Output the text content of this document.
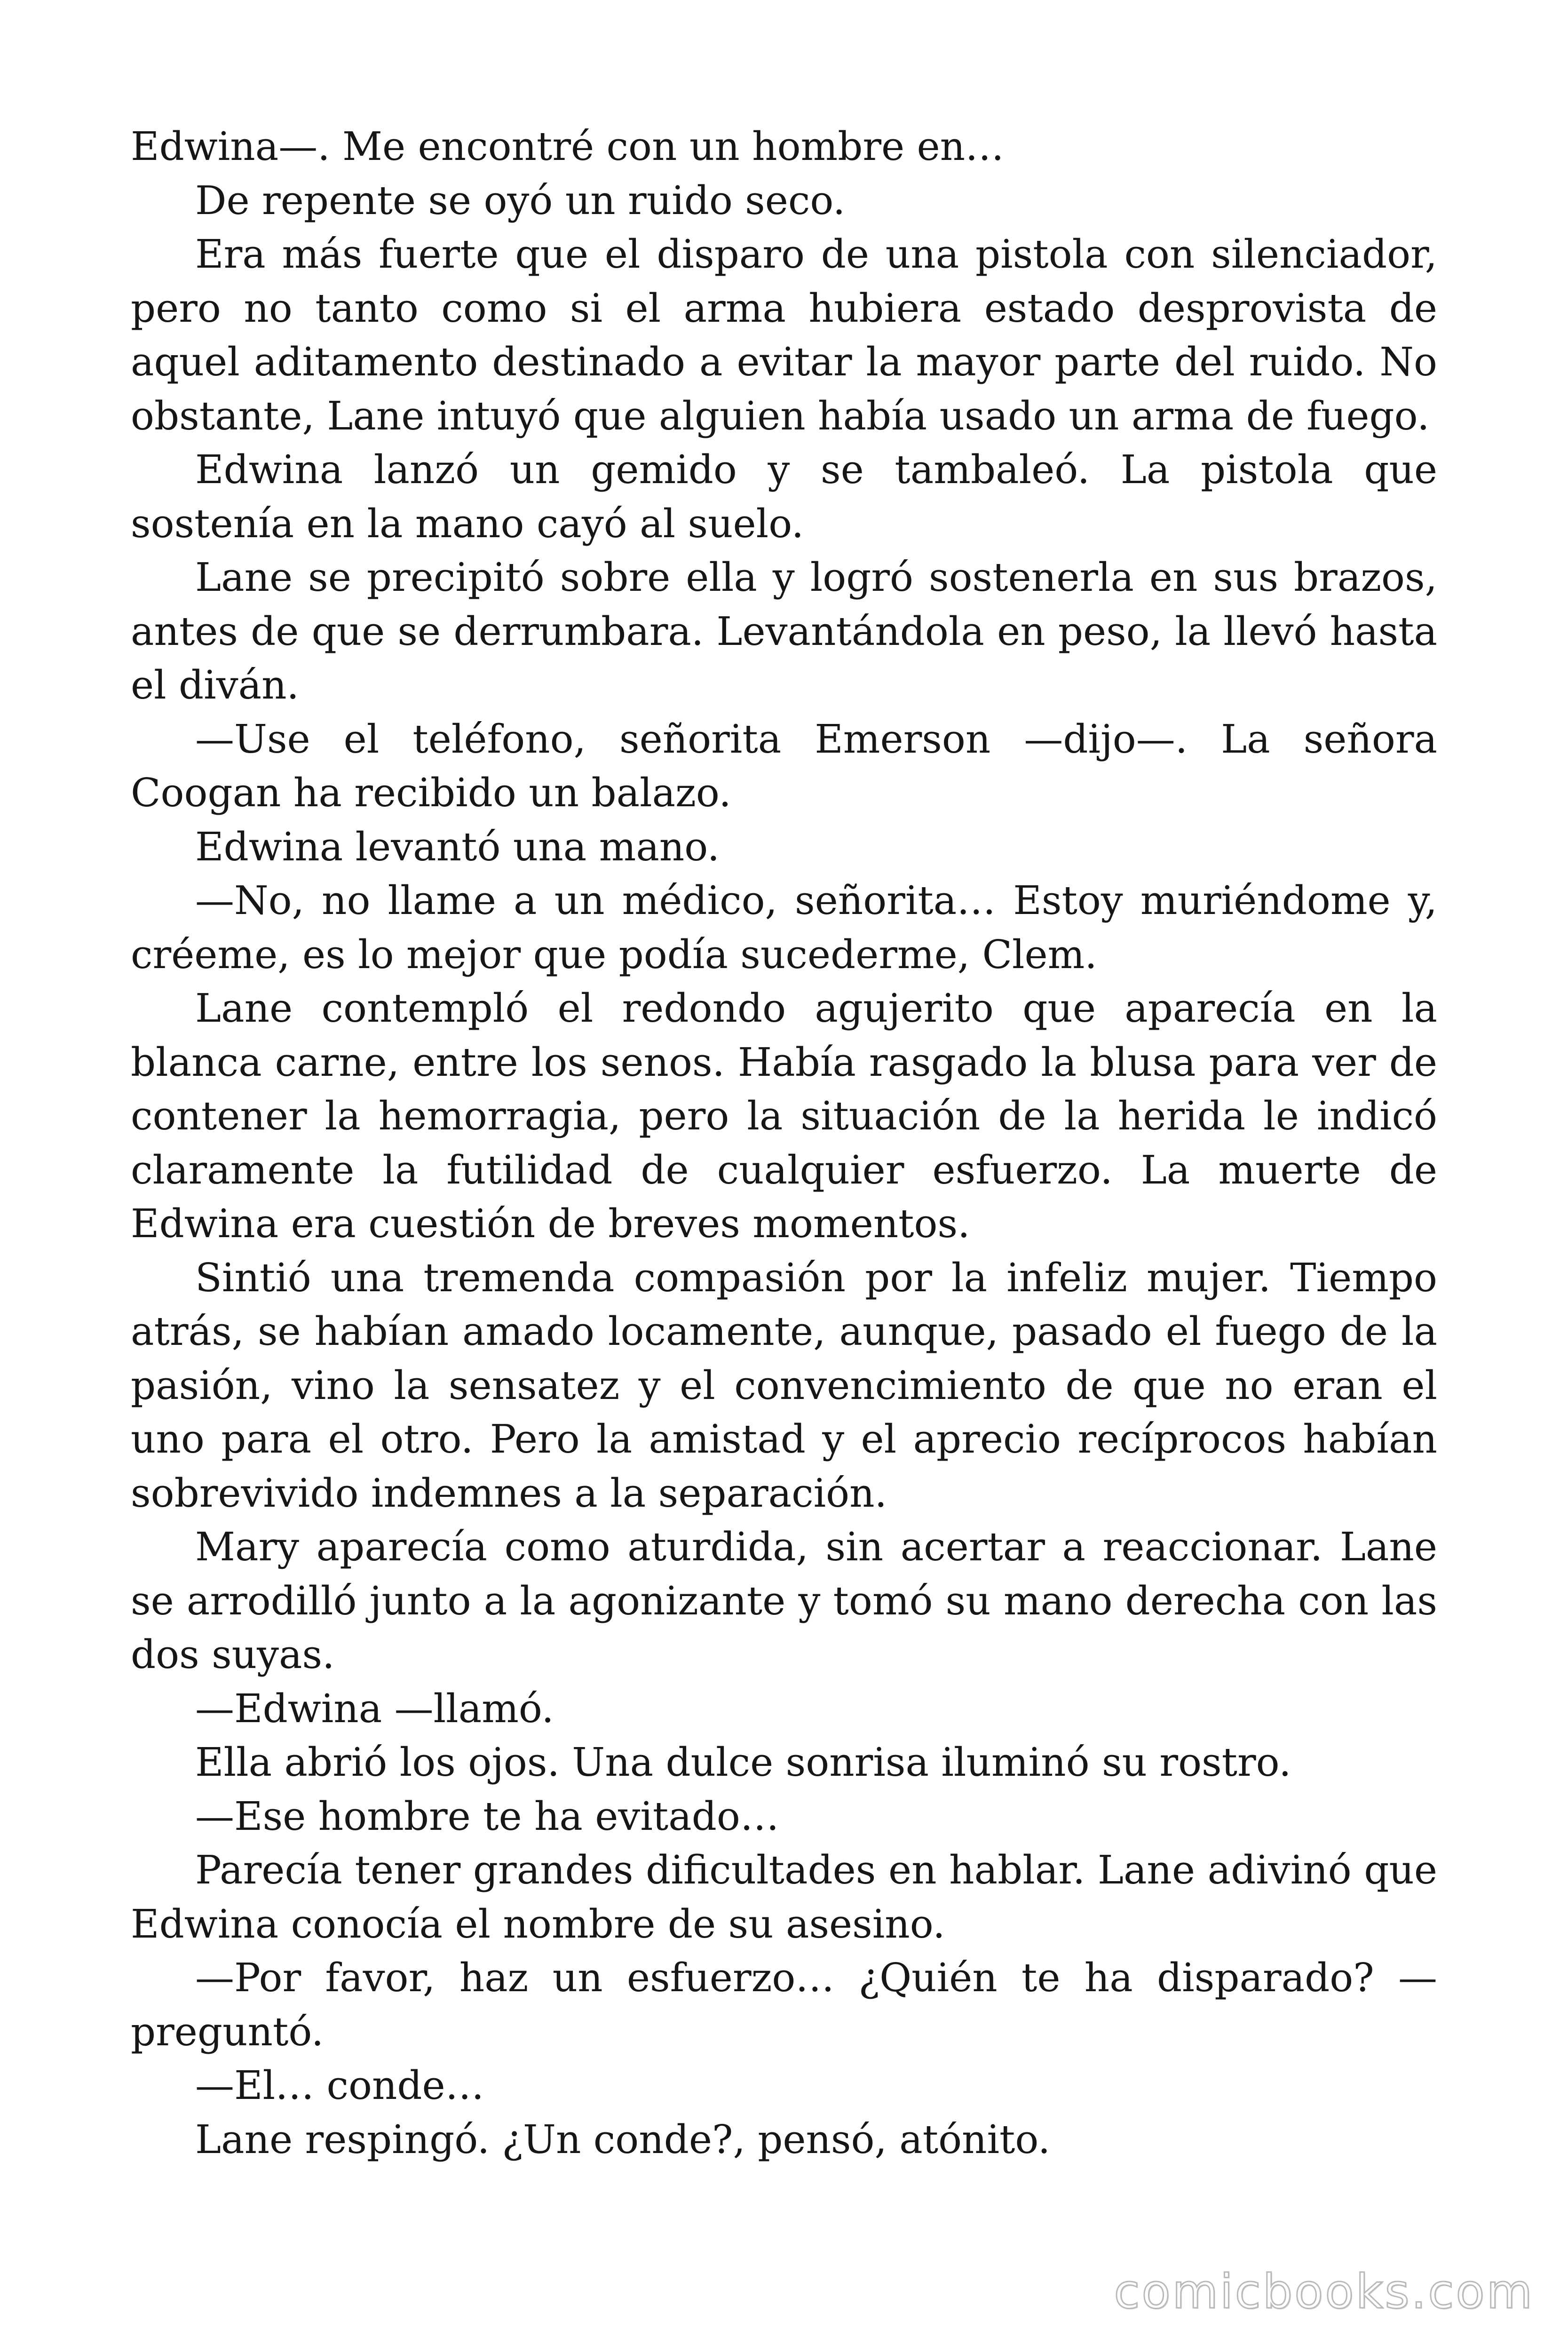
Edwina—. Me encontré con un hombre en…

De repente se oyó un ruido seco.

Era más fuerte que el disparo de una pistola con silenciador, pero no tanto como si el arma hubiera estado desprovista de aquel aditamento destinado a evitar la mayor parte del ruido. No obstante, Lane intuyó que alguien había usado un arma de fuego.

Edwina lanzó un gemido y se tambaleó. La pistola que sostenía en la mano cayó al suelo.

Lane se precipitó sobre ella y logró sostenerla en sus brazos, antes de que se derrumbara. Levantándola en peso, la llevó hasta el diván.

—Use el teléfono, señorita Emerson —dijo—. La señora Coogan ha recibido un balazo.

Edwina levantó una mano.

—No, no llame a un médico, señorita… Estoy muriéndome y, créeme, es lo mejor que podía sucederme, Clem.

Lane contempló el redondo agujerito que aparecía en la blanca carne, entre los senos. Había rasgado la blusa para ver de contener la hemorragia, pero la situación de la herida le indicó claramente la futilidad de cualquier esfuerzo. La muerte de Edwina era cuestión de breves momentos.

Sintió una tremenda compasión por la infeliz mujer. Tiempo atrás, se habían amado locamente, aunque, pasado el fuego de la pasión, vino la sensatez y el convencimiento de que no eran el uno para el otro. Pero la amistad y el aprecio recíprocos habían sobrevivido indemnes a la separación.

Mary aparecía como aturdida, sin acertar a reaccionar. Lane se arrodilló junto a la agonizante y tomó su mano derecha con las dos suyas.

—Edwina —llamó.

Ella abrió los ojos. Una dulce sonrisa iluminó su rostro.

—Ese hombre te ha evitado…

Parecía tener grandes dificultades en hablar. Lane adivinó que Edwina conocía el nombre de su asesino.

—Por favor, haz un esfuerzo… ¿Quién te ha disparado? —preguntó.

—El… conde…

Lane respingó. ¿Un conde?, pensó, atónito.

comicbooks.com
